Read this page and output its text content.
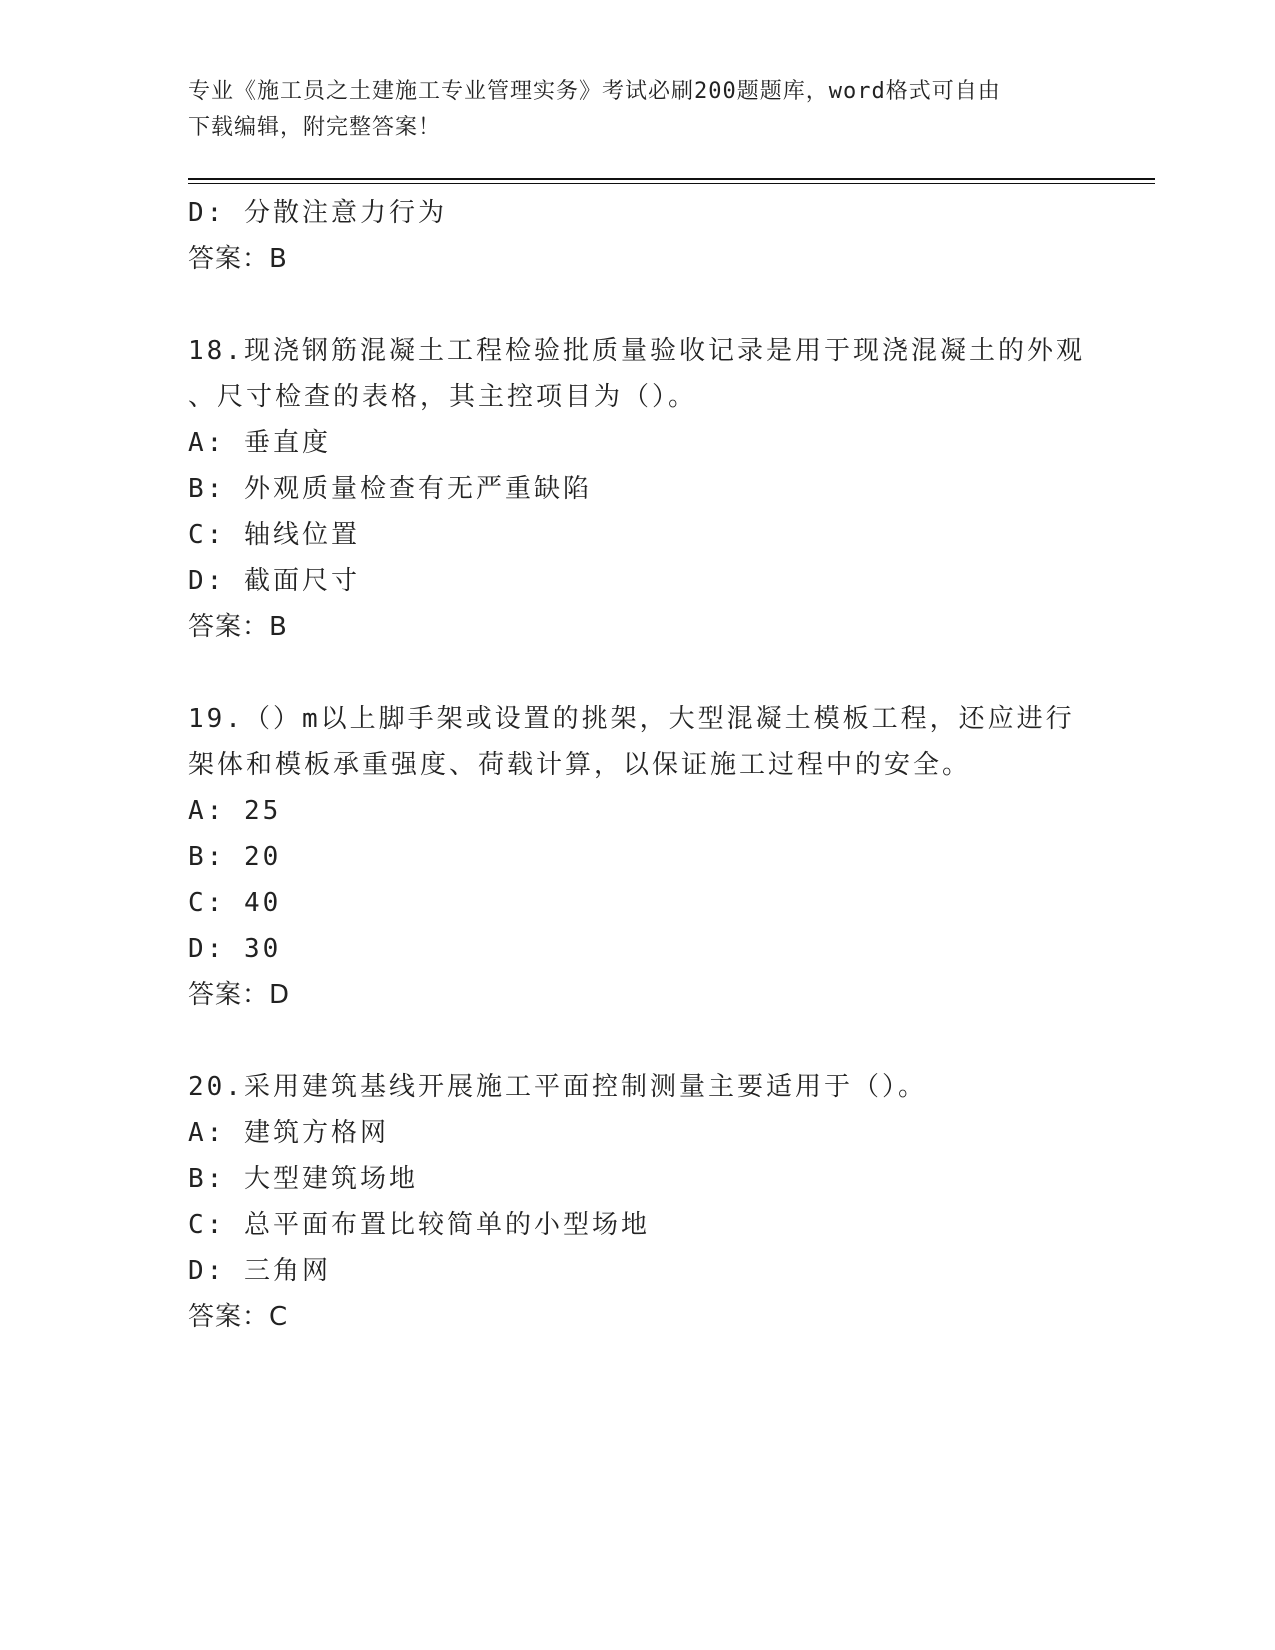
专业《施工员之土建施工专业管理实务》考试必刷200题题库，word格式可自由
下载编辑，附完整答案！
D: 分散注意力行为
答案：B
18.现浇钢筋混凝土工程检验批质量验收记录是用于现浇混凝土的外观
、尺寸检查的表格，其主控项目为（）。
A: 垂直度
B: 外观质量检查有无严重缺陷
C: 轴线位置
D: 截面尺寸
答案：B
19.（）m以上脚手架或设置的挑架，大型混凝土模板工程，还应进行
架体和模板承重强度、荷载计算，以保证施工过程中的安全。
A: 25
B: 20
C: 40
D: 30
答案：D
20.采用建筑基线开展施工平面控制测量主要适用于（）。
A: 建筑方格网
B: 大型建筑场地
C: 总平面布置比较简单的小型场地
D: 三角网
答案：C
